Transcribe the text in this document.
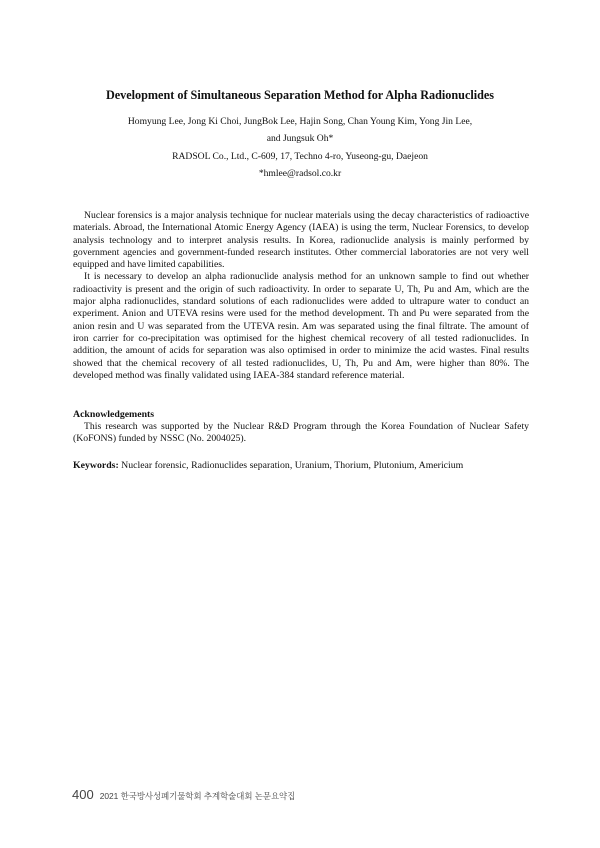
Development of Simultaneous Separation Method for Alpha Radionuclides
Homyung Lee, Jong Ki Choi, JungBok Lee, Hajin Song, Chan Young Kim, Yong Jin Lee,
and Jungsuk Oh*
RADSOL Co., Ltd., C-609, 17, Techno 4-ro, Yuseong-gu, Daejeon
*hmlee@radsol.co.kr

Nuclear forensics is a major analysis technique for nuclear materials using the decay characteristics of radioactive materials. Abroad, the International Atomic Energy Agency (IAEA) is using the term, Nuclear Forensics, to develop analysis technology and to interpret analysis results. In Korea, radionuclide analysis is mainly performed by government agencies and government-funded research institutes. Other commercial laboratories are not very well equipped and have limited capabilities.

It is necessary to develop an alpha radionuclide analysis method for an unknown sample to find out whether radioactivity is present and the origin of such radioactivity. In order to separate U, Th, Pu and Am, which are the major alpha radionuclides, standard solutions of each radionuclides were added to ultrapure water to conduct an experiment. Anion and UTEVA resins were used for the method development. Th and Pu were separated from the anion resin and U was separated from the UTEVA resin. Am was separated using the final filtrate. The amount of iron carrier for co-precipitation was optimised for the highest chemical recovery of all tested radionuclides. In addition, the amount of acids for separation was also optimised in order to minimize the acid wastes. Final results showed that the chemical recovery of all tested radionuclides, U, Th, Pu and Am, were higher than 80%. The developed method was finally validated using IAEA-384 standard reference material.

Acknowledgements

This research was supported by the Nuclear R&D Program through the Korea Foundation of Nuclear Safety (KoFONS) funded by NSSC (No. 2004025).

Keywords: Nuclear forensic, Radionuclides separation, Uranium, Thorium, Plutonium, Americium
400 2021 한국방사성폐기물학회 추계학술대회 논문요약집
